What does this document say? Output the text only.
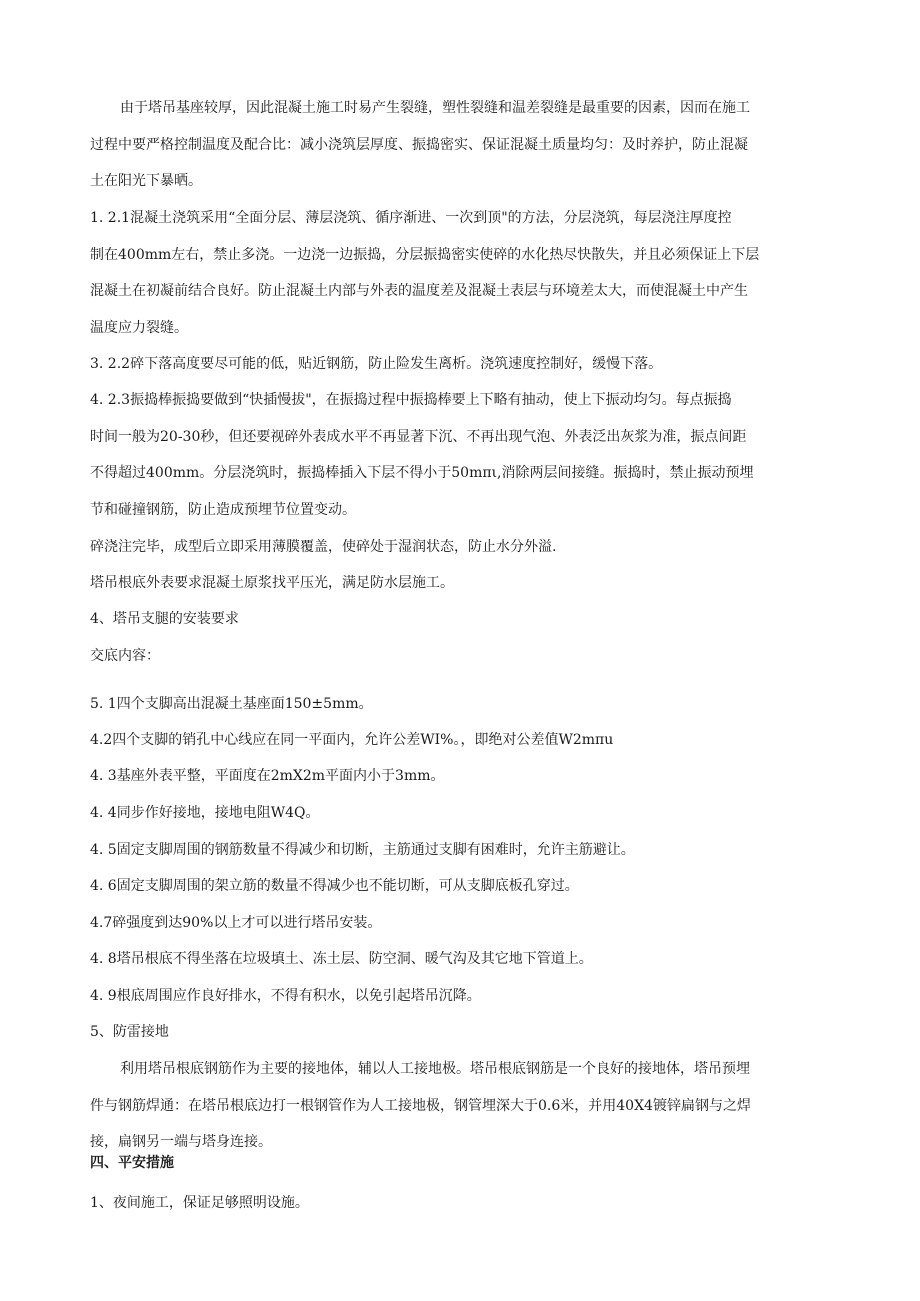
由于塔吊基座较厚，因此混凝土施工时易产生裂缝，塑性裂缝和温差裂缝是最重要的因素，因而在施工
过程中要严格控制温度及配合比：减小浇筑层厚度、振捣密实、保证混凝土质量均匀：及时养护，防止混凝
土在阳光下暴晒。
1. 2.1混凝土浇筑采用“全面分层、薄层浇筑、循序渐进、一次到顶"的方法，分层浇筑，每层浇注厚度控
制在400mm左右，禁止多浇。一边浇一边振捣，分层振捣密实使碎的水化热尽快散失，并且必须保证上下层
混凝土在初凝前结合良好。防止混凝土内部与外表的温度差及混凝土表层与环境差太大，而使混凝土中产生
温度应力裂缝。
3. 2.2碎下落高度要尽可能的低，贴近钢筋，防止险发生离析。浇筑速度控制好，缓慢下落。
4. 2.3振捣棒振捣要做到“快插慢拔"，在振捣过程中振捣棒要上下略有抽动，使上下振动均匀。每点振捣
时间一般为20-30秒，但还要视碎外表成水平不再显著下沉、不再出现气泡、外表泛出灰浆为准，振点间距
不得超过400mm。分层浇筑时，振捣棒插入下层不得小于50mπι,消除两层间接缝。振捣时，禁止振动预埋
节和碰撞钢筋，防止造成预埋节位置变动。
碎浇注完毕，成型后立即采用薄膜覆盖，使碎处于湿润状态，防止水分外溢.
塔吊根底外表要求混凝土原浆找平压光，满足防水层施工。
4、塔吊支腿的安装要求
交底内容：
5. 1四个支脚高出混凝土基座面150±5mm。
4.2四个支脚的销孔中心线应在同一平面内，允许公差WI%。，即绝对公差值W2mπu
4. 3基座外表平整，平面度在2mX2m平面内小于3mm。
4. 4同步作好接地，接地电阻W4Q。
4. 5固定支脚周围的钢筋数量不得减少和切断，主筋通过支脚有困难时，允许主筋避让。
4. 6固定支脚周围的架立筋的数量不得减少也不能切断，可从支脚底板孔穿过。
4.7碎强度到达90%以上才可以进行塔吊安装。
4. 8塔吊根底不得坐落在垃圾填土、冻土层、防空洞、暖气沟及其它地下管道上。
4. 9根底周围应作良好排水，不得有积水，以免引起塔吊沉降。
5、防雷接地
利用塔吊根底钢筋作为主要的接地体，辅以人工接地极。塔吊根底钢筋是一个良好的接地体，塔吊预埋
件与钢筋焊通：在塔吊根底边打一根钢管作为人工接地极，钢管埋深大于0.6米，并用40X4镀锌扁钢与之焊
接，扁钢另一端与塔身连接。
四、平安措施
1、夜间施工，保证足够照明设施。
